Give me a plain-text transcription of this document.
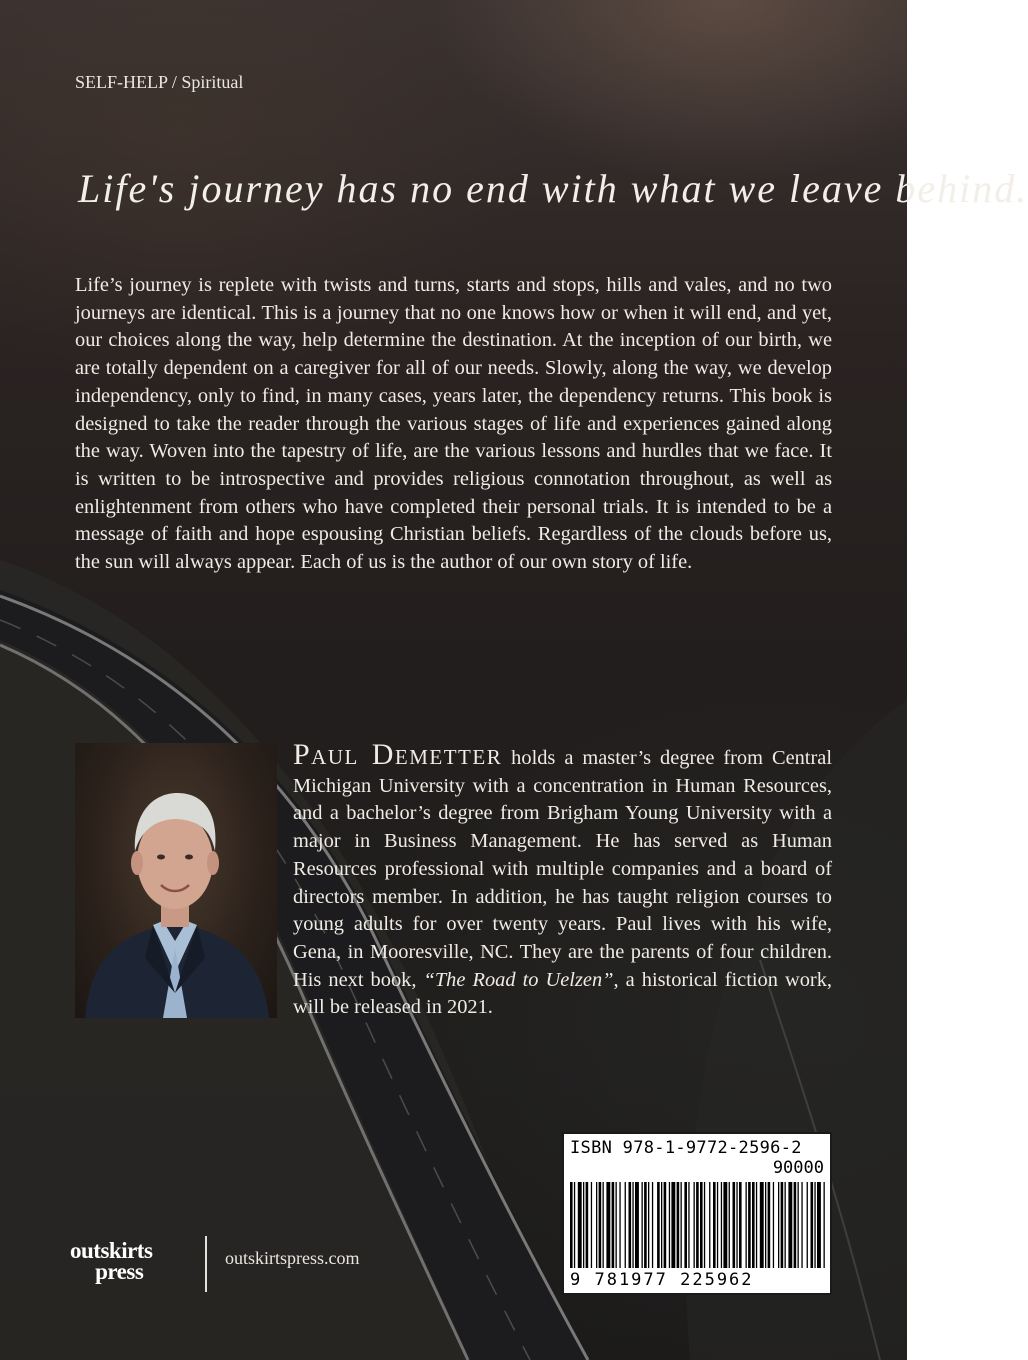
SELF-HELP / Spiritual
Life's journey has no end with what we leave behind.

Life’s journey is replete with twists and turns, starts and stops, hills and vales, and no two journeys are identical. This is a journey that no one knows how or when it will end, and yet, our choices along the way, help determine the destination. At the inception of our birth, we are totally dependent on a caregiver for all of our needs. Slowly, along the way, we develop independency, only to find, in many cases, years later, the dependency returns. This book is designed to take the reader through the various stages of life and experiences gained along the way. Woven into the tapestry of life, are the various lessons and hurdles that we face. It is written to be introspective and provides religious connotation throughout, as well as enlightenment from others who have completed their personal trials. It is intended to be a message of faith and hope espousing Christian beliefs. Regardless of the clouds before us, the sun will always appear. Each of us is the author of our own story of life.

Paul Demetter holds a master’s degree from Central Michigan University with a concentration in Human Resources, and a bachelor’s degree from Brigham Young University with a major in Business Management. He has served as Human Resources professional with multiple companies and a board of directors member. In addition, he has taught religion courses to young adults for over twenty years. Paul lives with his wife, Gena, in Mooresville, NC. They are the parents of four children. His next book, “The Road to Uelzen”, a historical fiction work, will be released in 2021.

ISBN 978-1-9772-2596-2
90000
9 781977 225962
outskirts
press
outskirtspress.com
